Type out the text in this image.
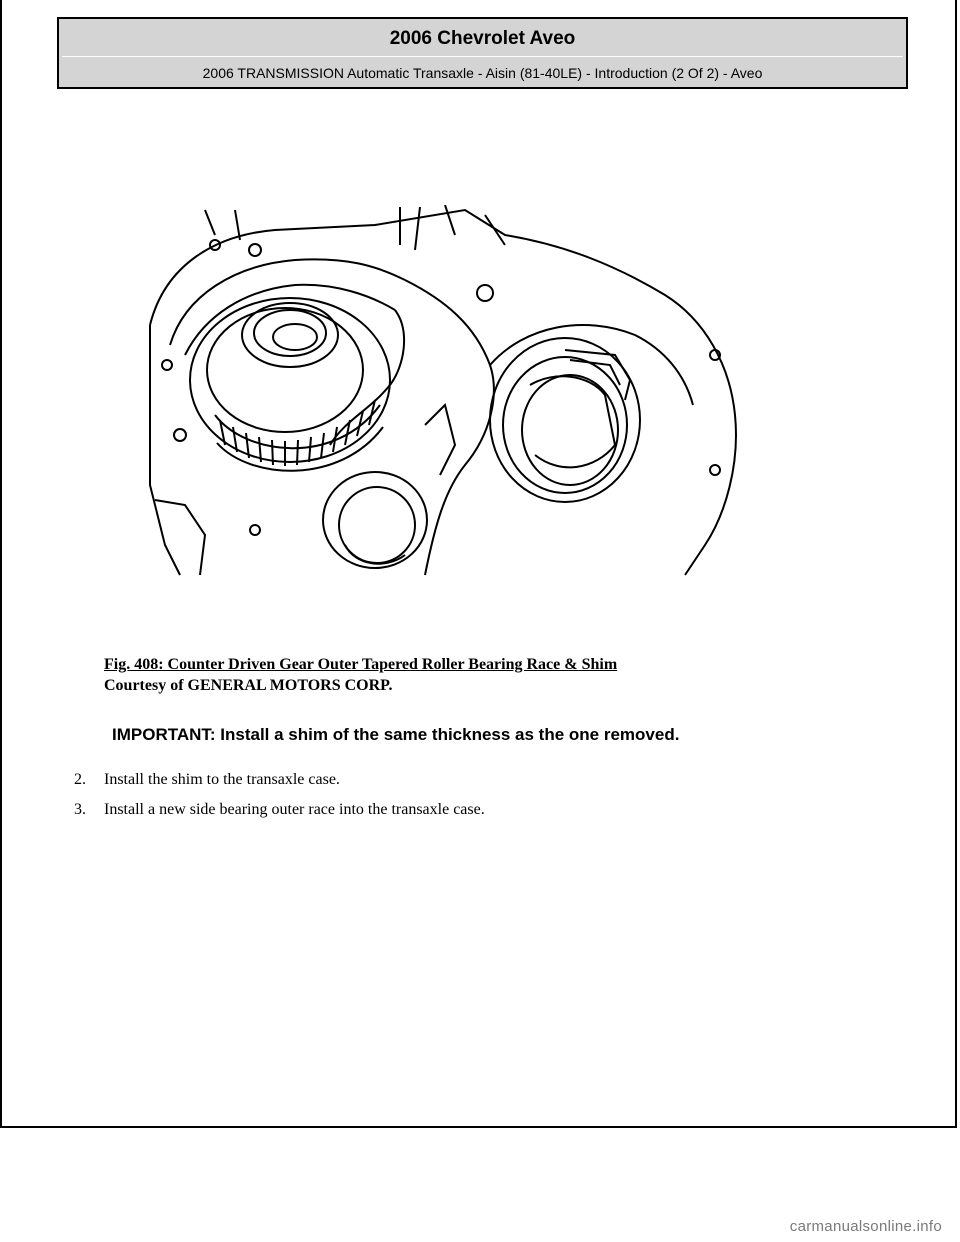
2006 Chevrolet Aveo
2006 TRANSMISSION Automatic Transaxle - Aisin (81-40LE) - Introduction (2 Of 2) - Aveo
Fig. 408: Counter Driven Gear Outer Tapered Roller Bearing Race & Shim
Courtesy of GENERAL MOTORS CORP.
IMPORTANT: Install a shim of the same thickness as the one removed.
2. Install the shim to the transaxle case.
3. Install a new side bearing outer race into the transaxle case.
carmanualsonline.info
